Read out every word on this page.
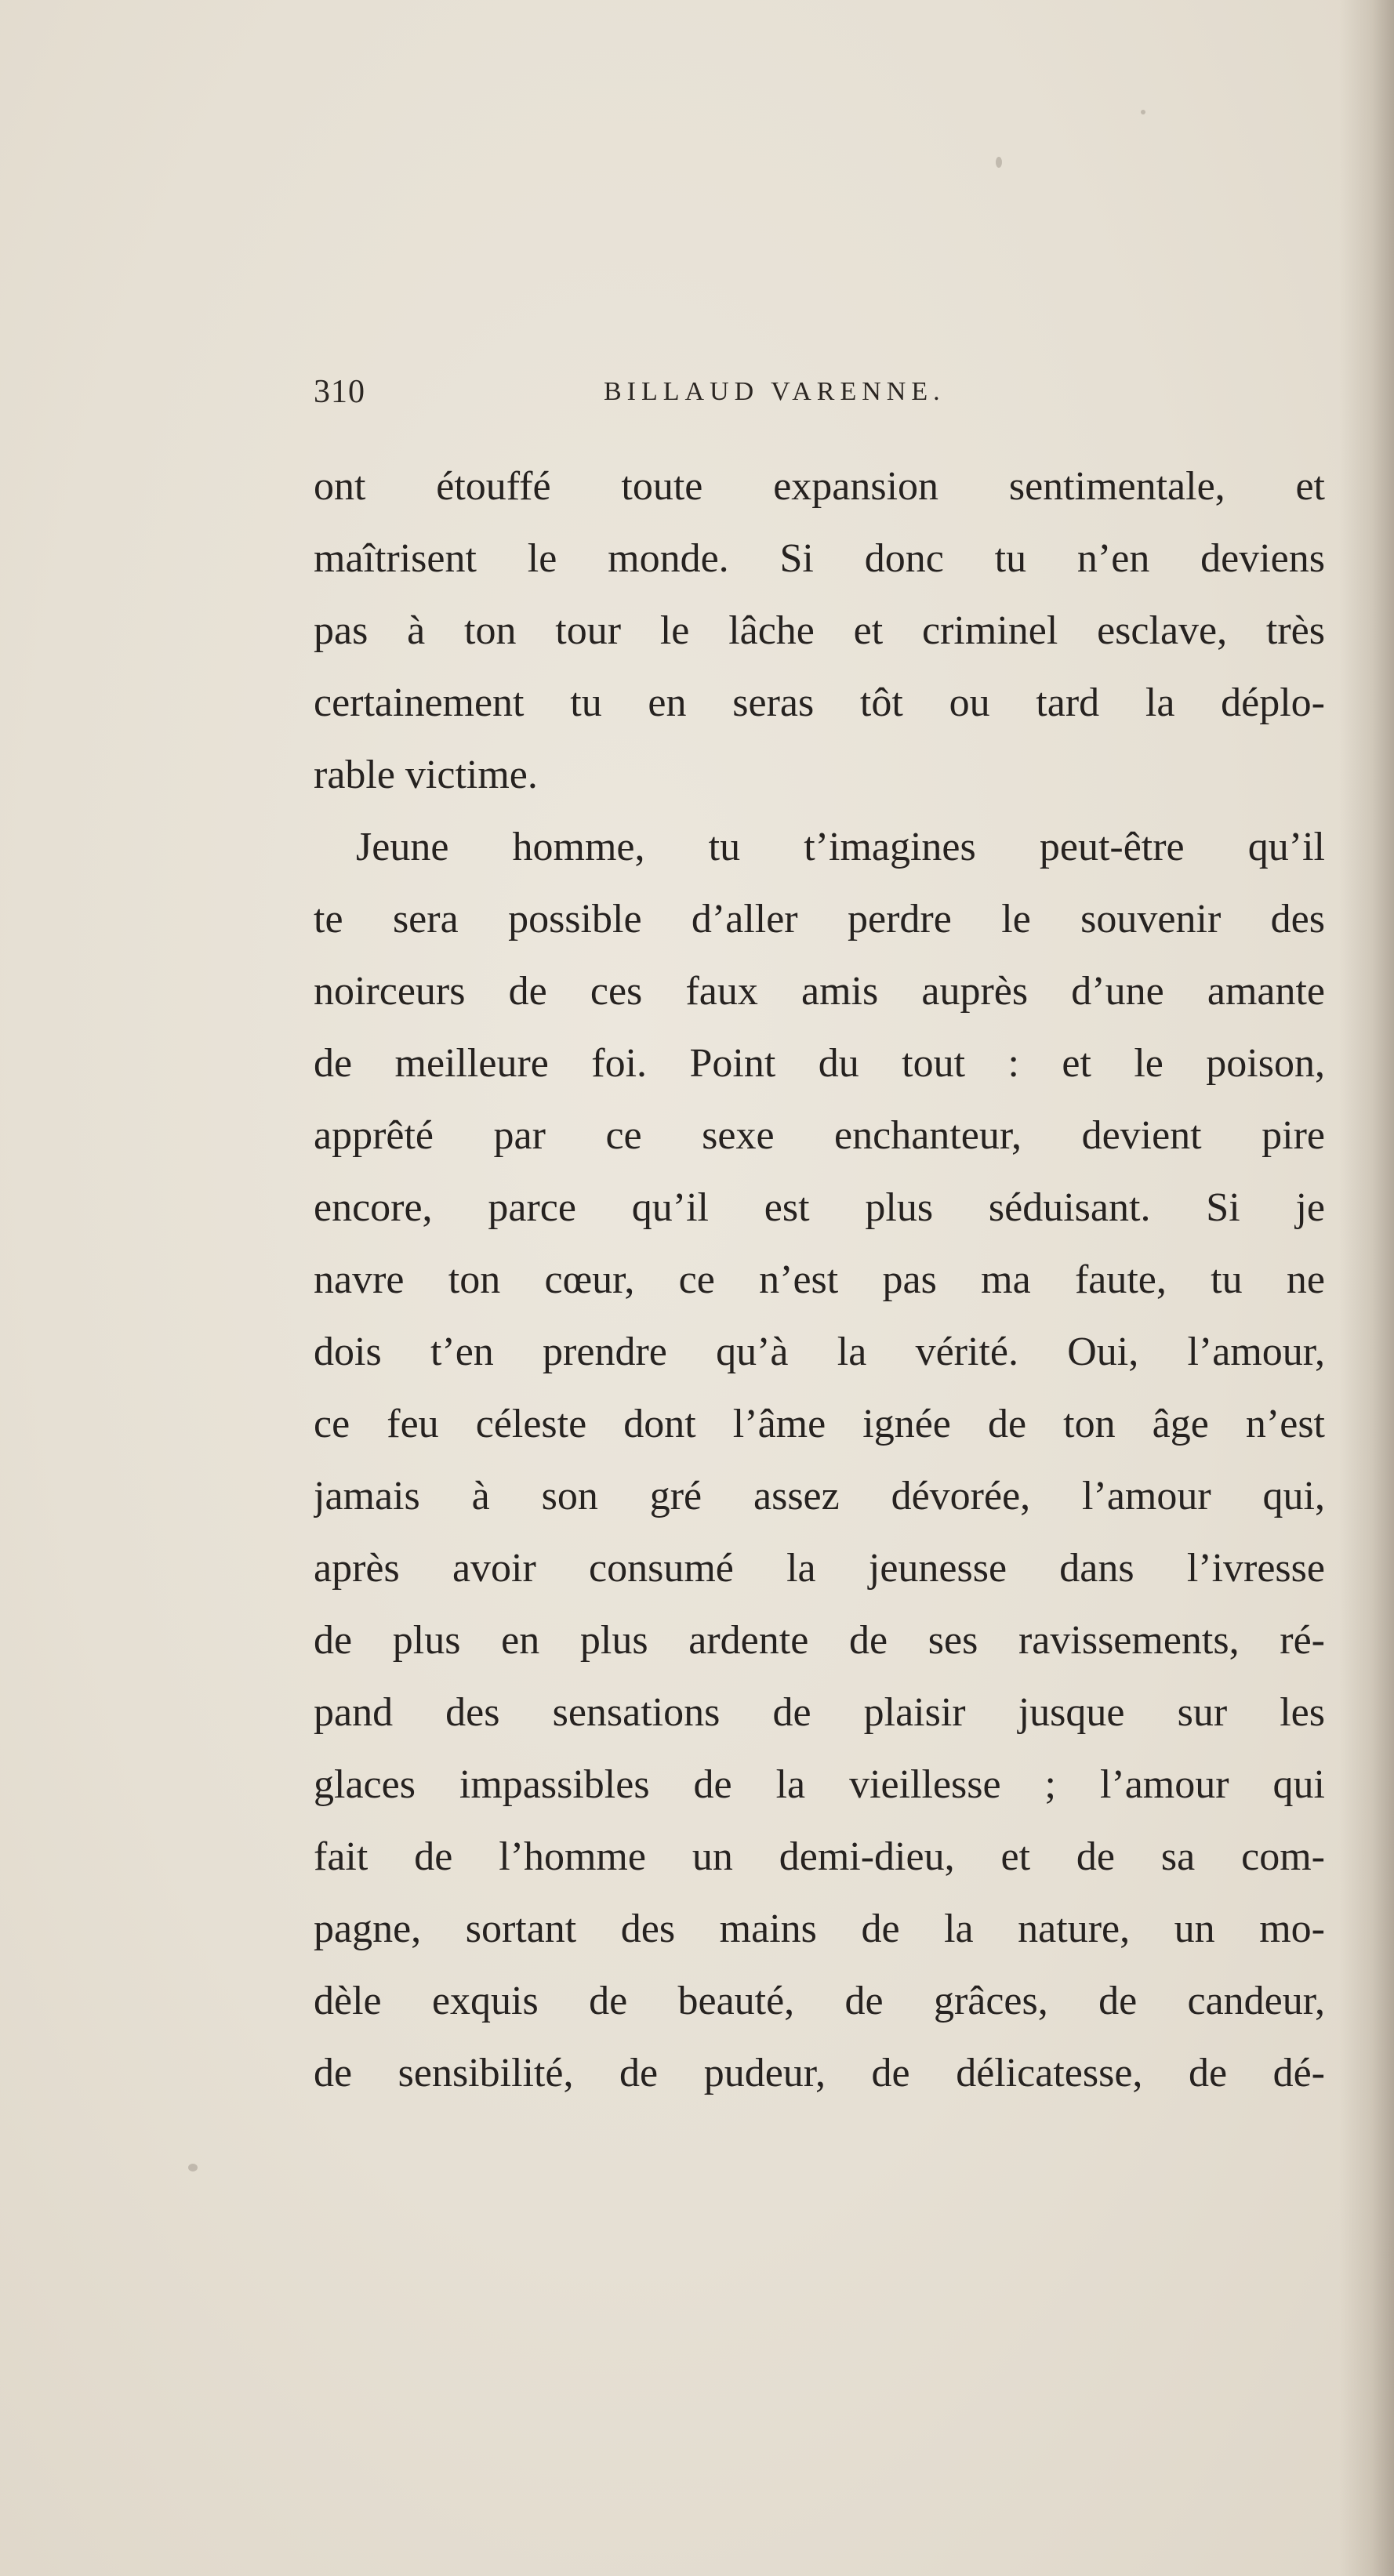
310	BILLAUD VARENNE.
ont étouffé toute expansion sentimentale, et
maîtrisent le monde. Si donc tu n’en deviens
pas à ton tour le lâche et criminel esclave, très
certainement tu en seras tôt ou tard la déplo-
rable victime.
Jeune homme, tu t’imagines peut-être qu’il
te sera possible d’aller perdre le souvenir des
noirceurs de ces faux amis auprès d’une amante
de meilleure foi. Point du tout : et le poison,
apprêté par ce sexe enchanteur, devient pire
encore, parce qu’il est plus séduisant. Si je
navre ton cœur, ce n’est pas ma faute, tu ne
dois t’en prendre qu’à la vérité. Oui, l’amour,
ce feu céleste dont l’âme ignée de ton âge n’est
jamais à son gré assez dévorée, l’amour qui,
après avoir consumé la jeunesse dans l’ivresse
de plus en plus ardente de ses ravissements, ré-
pand des sensations de plaisir jusque sur les
glaces impassibles de la vieillesse ; l’amour qui
fait de l’homme un demi-dieu, et de sa com-
pagne, sortant des mains de la nature, un mo-
dèle exquis de beauté, de grâces, de candeur,
de sensibilité, de pudeur, de délicatesse, de dé-
